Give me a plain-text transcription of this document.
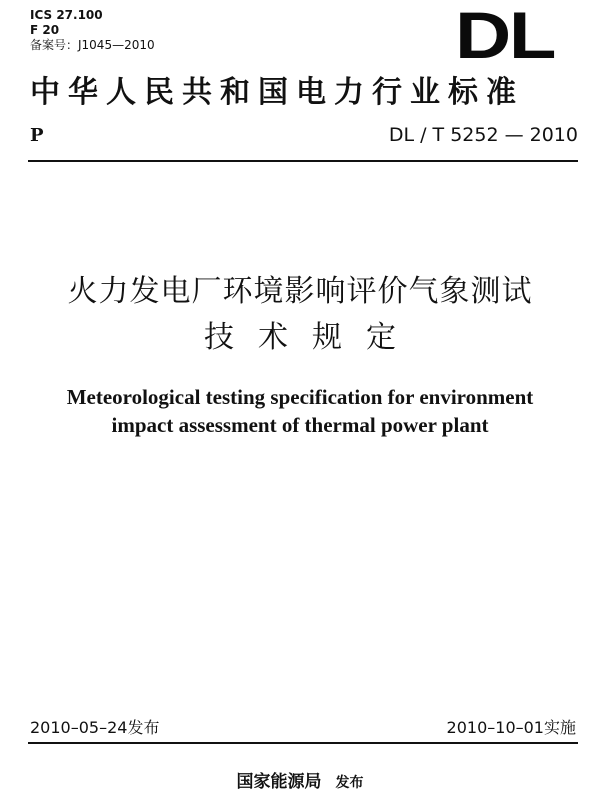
ICS 27.100
F 20
备案号：J1045—2010	DL
中华人民共和国电力行业标准
P	DL / T 5252 — 2010
火力发电厂环境影响评价气象测试
技术规定
Meteorological testing specification for environment
impact assessment of thermal power plant
2010–05–24发布	2010–10–01实施
国家能源局 发布
